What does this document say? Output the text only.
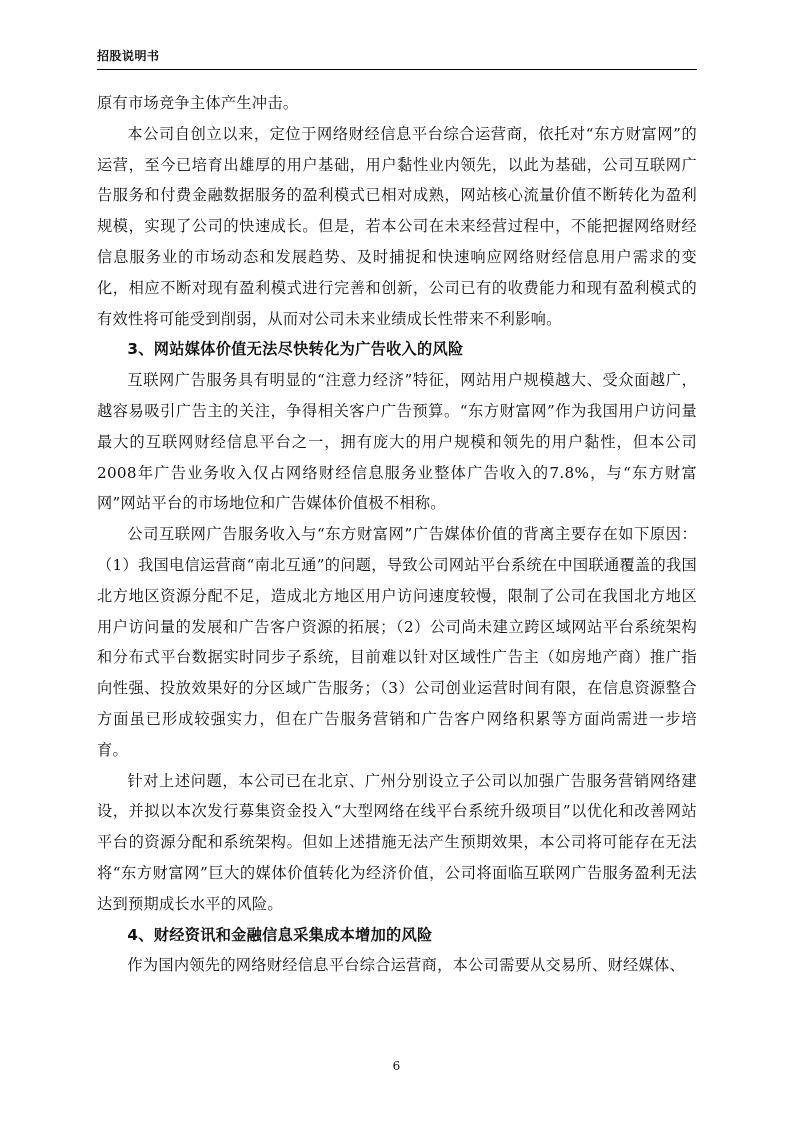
招股说明书

原有市场竞争主体产生冲击。

本公司自创立以来，定位于网络财经信息平台综合运营商，依托对“东方财富网”的运营，至今已培育出雄厚的用户基础，用户黏性业内领先，以此为基础，公司互联网广告服务和付费金融数据服务的盈利模式已相对成熟，网站核心流量价值不断转化为盈利规模，实现了公司的快速成长。但是，若本公司在未来经营过程中，不能把握网络财经信息服务业的市场动态和发展趋势、及时捕捉和快速响应网络财经信息用户需求的变化，相应不断对现有盈利模式进行完善和创新，公司已有的收费能力和现有盈利模式的有效性将可能受到削弱，从而对公司未来业绩成长性带来不利影响。

3、网站媒体价值无法尽快转化为广告收入的风险

互联网广告服务具有明显的“注意力经济”特征，网站用户规模越大、受众面越广，越容易吸引广告主的关注，争得相关客户广告预算。“东方财富网”作为我国用户访问量最大的互联网财经信息平台之一，拥有庞大的用户规模和领先的用户黏性，但本公司2008年广告业务收入仅占网络财经信息服务业整体广告收入的7.8%，与“东方财富网”网站平台的市场地位和广告媒体价值极不相称。

公司互联网广告服务收入与“东方财富网”广告媒体价值的背离主要存在如下原因：（1）我国电信运营商“南北互通”的问题，导致公司网站平台系统在中国联通覆盖的我国北方地区资源分配不足，造成北方地区用户访问速度较慢，限制了公司在我国北方地区用户访问量的发展和广告客户资源的拓展；（2）公司尚未建立跨区域网站平台系统架构和分布式平台数据实时同步子系统，目前难以针对区域性广告主（如房地产商）推广指向性强、投放效果好的分区域广告服务；（3）公司创业运营时间有限，在信息资源整合方面虽已形成较强实力，但在广告服务营销和广告客户网络积累等方面尚需进一步培育。

针对上述问题，本公司已在北京、广州分别设立子公司以加强广告服务营销网络建设，并拟以本次发行募集资金投入“大型网络在线平台系统升级项目”以优化和改善网站平台的资源分配和系统架构。但如上述措施无法产生预期效果，本公司将可能存在无法将“东方财富网”巨大的媒体价值转化为经济价值，公司将面临互联网广告服务盈利无法达到预期成长水平的风险。

4、财经资讯和金融信息采集成本增加的风险

作为国内领先的网络财经信息平台综合运营商，本公司需要从交易所、财经媒体、

6
